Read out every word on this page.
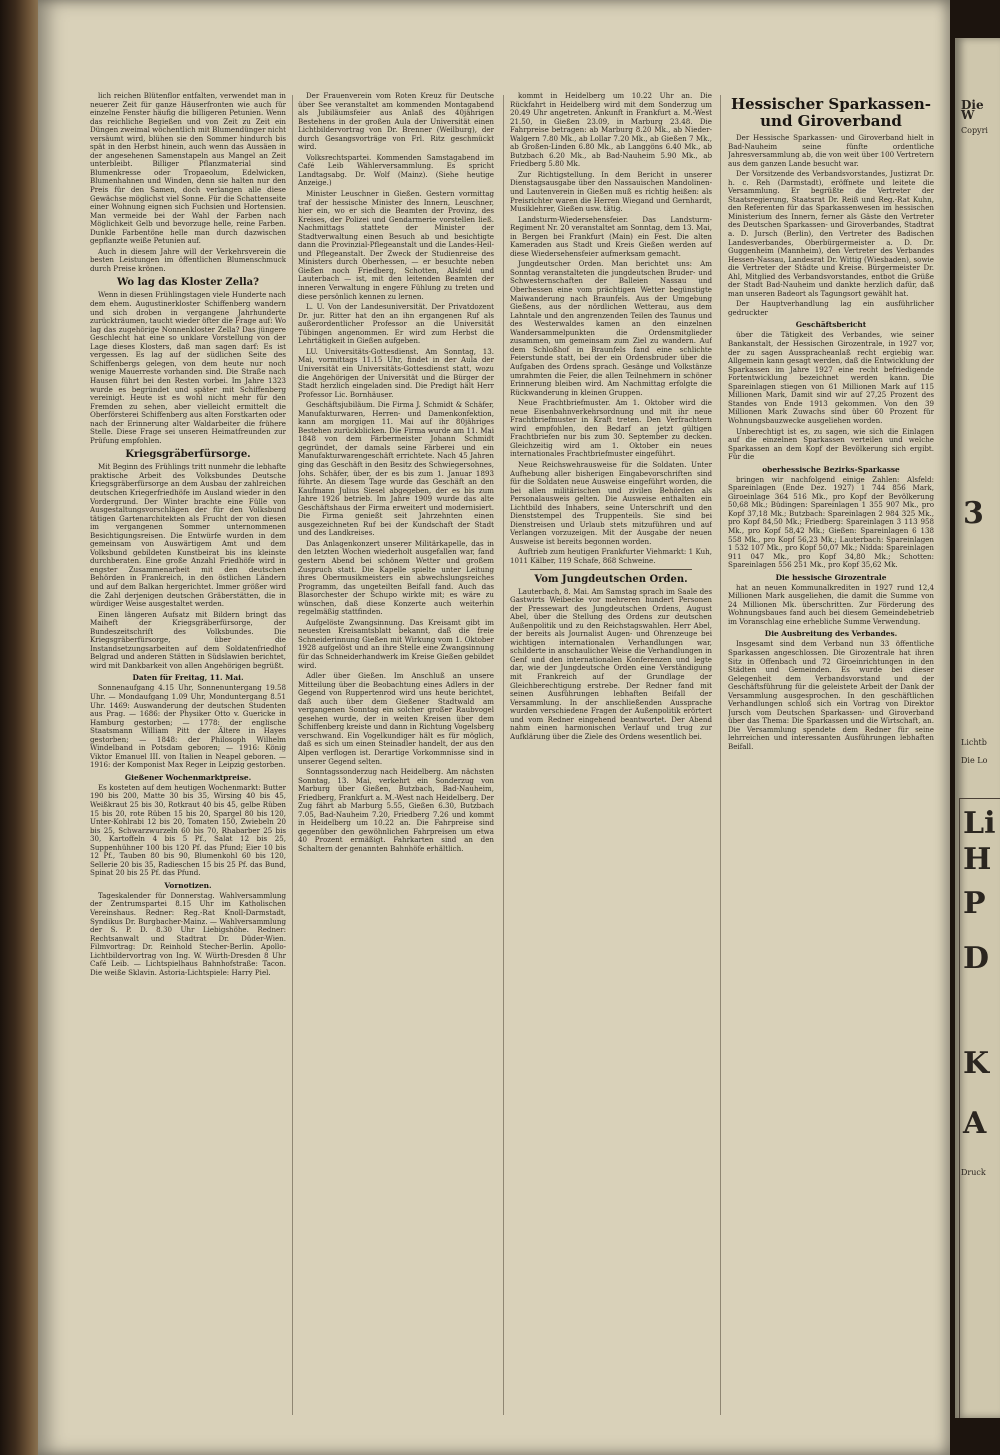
lich reichen Blütenflor entfalten, verwendet man in neuerer Zeit für ganze Häuserfronten wie auch für einzelne Fenster häufig die billigeren Petunien. Wenn das reichliche Begießen und von Zeit zu Zeit ein Düngen zweimal wöchentlich mit Blumendünger nicht versäumt wird, blühen sie den Sommer hindurch bis spät in den Herbst hinein, auch wenn das Aussäen in der angesehenen Samenstapeln aus Mangel an Zeit unterbleibt. Billiger Pflanzmaterial sind Blumenkresse oder Tropaeolum, Edelwicken, Blumenhahnen und Winden, denn sie halten nur den Preis für den Samen, doch verlangen alle diese Gewächse möglichst viel Sonne. Für die Schattenseite einer Wohnung eignen sich Fuchsien und Hortensien. Man vermeide bei der Wahl der Farben nach Möglichkeit Gelb und bevorzuge helle, reine Farben. Dunkle Farbentöne helle man durch dazwischen gepflanzte weiße Petunien auf.

Auch in diesem Jahre will der Verkehrsverein die besten Leistungen im öffentlichen Blumenschmuck durch Preise krönen.

Wo lag das Kloster Zella?

Wenn in diesen Frühlingstagen viele Hunderte nach dem ehem. Augustinerkloster Schiffenberg wandern und sich droben in vergangene Jahrhunderte zurückträumen, taucht wieder öfter die Frage auf: Wo lag das zugehörige Nonnenkloster Zella? Das jüngere Geschlecht hat eine so unklare Vorstellung von der Lage dieses Klosters, daß man sagen darf: Es ist vergessen. Es lag auf der südlichen Seite des Schiffenbergs gelegen, von dem heute nur noch wenige Mauerreste vorhanden sind. Die Straße nach Hausen führt bei den Resten vorbei. Im Jahre 1323 wurde es begründet und später mit Schiffenberg vereinigt. Heute ist es wohl nicht mehr für den Fremden zu sehen, aber vielleicht ermittelt die Oberförsterei Schiffenberg aus alten Forstkarten oder nach der Erinnerung alter Waldarbeiter die frühere Stelle. Diese Frage sei unseren Heimatfreunden zur Prüfung empfohlen.

Kriegsgräberfürsorge.

Mit Beginn des Frühlings tritt nunmehr die lebhafte praktische Arbeit des Volksbundes Deutsche Kriegsgräberfürsorge an dem Ausbau der zahlreichen deutschen Kriegerfriedhöfe im Ausland wieder in den Vordergrund. Der Winter brachte eine Fülle von Ausgestaltungsvorschlägen der für den Volksbund tätigen Gartenarchitekten als Frucht der von diesen im vergangenen Sommer unternommenen Besichtigungsreisen. Die Entwürfe wurden in dem gemeinsam von Auswärtigem Amt und dem Volksbund gebildeten Kunstbeirat bis ins kleinste durchberaten. Eine große Anzahl Friedhöfe wird in engster Zusammenarbeit mit den deutschen Behörden in Frankreich, in den östlichen Ländern und auf dem Balkan hergerichtet. Immer größer wird die Zahl derjenigen deutschen Gräberstätten, die in würdiger Weise ausgestaltet werden.

Einen längeren Aufsatz mit Bildern bringt das Maiheft der Kriegsgräberfürsorge, der Bundeszeitschrift des Volksbundes. Die Kriegsgräberfürsorge, über die Instandsetzungsarbeiten auf dem Soldatenfriedhof Belgrad und anderen Stätten in Südslawien berichtet, wird mit Dankbarkeit von allen Angehörigen begrüßt.

Daten für Freitag, 11. Mai.

Sonnenaufgang 4.15 Uhr, Sonnenuntergang 19.58 Uhr. — Mondaufgang 1.09 Uhr, Monduntergang 8.51 Uhr. 1469: Auswanderung der deutschen Studenten aus Prag. — 1686: der Physiker Otto v. Guericke in Hamburg gestorben; — 1778: der englische Staatsmann William Pitt der Ältere in Hayes gestorben; — 1848: der Philosoph Wilhelm Windelband in Potsdam geboren; — 1916: König Viktor Emanuel III. von Italien in Neapel geboren. — 1916: der Komponist Max Reger in Leipzig gestorben.

Gießener Wochenmarktpreise.

Es kosteten auf dem heutigen Wochenmarkt: Butter 190 bis 200, Matte 30 bis 35, Wirsing 40 bis 45, Weißkraut 25 bis 30, Rotkraut 40 bis 45, gelbe Rüben 15 bis 20, rote Rüben 15 bis 20, Spargel 80 bis 120, Unter-Kohlrabi 12 bis 20, Tomaten 150, Zwiebeln 20 bis 25, Schwarzwurzeln 60 bis 70, Rhabarber 25 bis 30, Kartoffeln 4 bis 5 Pf., Salat 12 bis 25, Suppenhühner 100 bis 120 Pf. das Pfund; Eier 10 bis 12 Pf., Tauben 80 bis 90, Blumenkohl 60 bis 120, Sellerie 20 bis 35, Radieschen 15 bis 25 Pf. das Bund, Spinat 20 bis 25 Pf. das Pfund.

Vornotizen.

Tageskalender für Donnerstag. Wahlversammlung der Zentrumspartei 8.15 Uhr im Katholischen Vereinshaus. Redner: Reg.-Rat Knoll-Darmstadt, Syndikus Dr. Burgbacher-Mainz. — Wahlversammlung der S. P. D. 8.30 Uhr Liebigshöhe. Redner: Rechtsanwalt und Stadtrat Dr. Düder-Wien. Filmvortrag: Dr. Reinhold Stecher-Berlin. Apollo-Lichtbildervortrag von Ing. W. Würth-Dresden 8 Uhr Café Leib. — Lichtspielhaus Bahnhofstraße: Tacon. Die weiße Sklavin. Astoria-Lichtspiele: Harry Piel.

Der Frauenverein vom Roten Kreuz für Deutsche über See veranstaltet am kommenden Montagabend als Jubiläumsfeier aus Anlaß des 40jährigen Bestehens in der großen Aula der Universität einen Lichtbildervortrag von Dr. Brenner (Weilburg), der durch Gesangsvorträge von Frl. Ritz geschmückt wird.

Volksrechtspartei. Kommenden Samstagabend im Café Leib Wählerversammlung. Es spricht Landtagsabg. Dr. Wolf (Mainz). (Siehe heutige Anzeige.)

Minister Leuschner in Gießen. Gestern vormittag traf der hessische Minister des Innern, Leuschner, hier ein, wo er sich die Beamten der Provinz, des Kreises, der Polizei und Gendarmerie vorstellen ließ. Nachmittags stattete der Minister der Stadtverwaltung einen Besuch ab und besichtigte dann die Provinzial-Pflegeanstalt und die Landes-Heil- und Pflegeanstalt. Der Zweck der Studienreise des Ministers durch Oberhessen, — er besuchte neben Gießen noch Friedberg, Schotten, Alsfeld und Lauterbach — ist, mit den leitenden Beamten der inneren Verwaltung in engere Fühlung zu treten und diese persönlich kennen zu lernen.

L. U. Von der Landesuniversität. Der Privatdozent Dr. jur. Ritter hat den an ihn ergangenen Ruf als außerordentlicher Professor an die Universität Tübingen angenommen. Er wird zum Herbst die Lehrtätigkeit in Gießen aufgeben.

LU. Universitäts-Gottesdienst. Am Sonntag, 13. Mai, vormittags 11.15 Uhr, findet in der Aula der Universität ein Universitäts-Gottesdienst statt, wozu die Angehörigen der Universität und die Bürger der Stadt herzlich eingeladen sind. Die Predigt hält Herr Professor Lic. Bornhäuser.

Geschäftsjubiläum. Die Firma J. Schmidt & Schäfer, Manufakturwaren, Herren- und Damenkonfektion, kann am morgigen 11. Mai auf ihr 80jähriges Bestehen zurückblicken. Die Firma wurde am 11. Mai 1848 von dem Färbermeister Johann Schmidt gegründet, der damals seine Färberei und ein Manufakturwarengeschäft errichtete. Nach 45 Jahren ging das Geschäft in den Besitz des Schwiegersohnes, Johs. Schäfer, über, der es bis zum 1. Januar 1893 führte. An diesem Tage wurde das Geschäft an den Kaufmann Julius Siesel abgegeben, der es bis zum Jahre 1926 betrieb. Im Jahre 1909 wurde das alte Geschäftshaus der Firma erweitert und modernisiert. Die Firma genießt seit Jahrzehnten einen ausgezeichneten Ruf bei der Kundschaft der Stadt und des Landkreises.

Das Anlagenkonzert unserer Militärkapelle, das in den letzten Wochen wiederholt ausgefallen war, fand gestern Abend bei schönem Wetter und großem Zuspruch statt. Die Kapelle spielte unter Leitung ihres Obermusikmeisters ein abwechslungsreiches Programm, das ungeteilten Beifall fand. Auch das Blasorchester der Schupo wirkte mit; es wäre zu wünschen, daß diese Konzerte auch weiterhin regelmäßig stattfinden.

Aufgelöste Zwangsinnung. Das Kreisamt gibt im neuesten Kreisamtsblatt bekannt, daß die freie Schneiderinnung Gießen mit Wirkung vom 1. Oktober 1928 aufgelöst und an ihre Stelle eine Zwangsinnung für das Schneiderhandwerk im Kreise Gießen gebildet wird.

Adler über Gießen. Im Anschluß an unsere Mitteilung über die Beobachtung eines Adlers in der Gegend von Ruppertenrod wird uns heute berichtet, daß auch über dem Gießener Stadtwald am vergangenen Sonntag ein solcher großer Raubvogel gesehen wurde, der in weiten Kreisen über dem Schiffenberg kreiste und dann in Richtung Vogelsberg verschwand. Ein Vogelkundiger hält es für möglich, daß es sich um einen Steinadler handelt, der aus den Alpen verflogen ist. Derartige Vorkommnisse sind in unserer Gegend selten.

Sonntagssonderzug nach Heidelberg. Am nächsten Sonntag, 13. Mai, verkehrt ein Sonderzug von Marburg über Gießen, Butzbach, Bad-Nauheim, Friedberg, Frankfurt a. M.-West nach Heidelberg. Der Zug fährt ab Marburg 5.55, Gießen 6.30, Butzbach 7.05, Bad-Nauheim 7.20, Friedberg 7.26 und kommt in Heidelberg um 10.22 an. Die Fahrpreise sind gegenüber den gewöhnlichen Fahrpreisen um etwa 40 Prozent ermäßigt. Fahrkarten sind an den Schaltern der genannten Bahnhöfe erhältlich.

kommt in Heidelberg um 10.22 Uhr an. Die Rückfahrt in Heidelberg wird mit dem Sonderzug um 20.49 Uhr angetreten. Ankunft in Frankfurt a. M.-West 21.50, in Gießen 23.09, in Marburg 23.48. Die Fahrpreise betragen: ab Marburg 8.20 Mk., ab Nieder-Walgern 7.80 Mk., ab Lollar 7.20 Mk., ab Gießen 7 Mk., ab Großen-Linden 6.80 Mk., ab Langgöns 6.40 Mk., ab Butzbach 6.20 Mk., ab Bad-Nauheim 5.90 Mk., ab Friedberg 5.80 Mk.

Zur Richtigstellung. In dem Bericht in unserer Dienstagsausgabe über den Nassauischen Mandolinen- und Lautenverein in Gießen muß es richtig heißen: als Preisrichter waren die Herren Wiegand und Gernhardt, Musiklehrer, Gießen usw. tätig.

Landsturm-Wiedersehensfeier. Das Landsturm-Regiment Nr. 20 veranstaltet am Sonntag, dem 13. Mai, in Bergen bei Frankfurt (Main) ein Fest. Die alten Kameraden aus Stadt und Kreis Gießen werden auf diese Wiedersehensfeier aufmerksam gemacht.

Jungdeutscher Orden. Man berichtet uns: Am Sonntag veranstalteten die jungdeutschen Bruder- und Schwesternschaften der Balleien Nassau und Oberhessen eine vom prächtigen Wetter begünstigte Maiwanderung nach Braunfels. Aus der Umgebung Gießens, aus der nördlichen Wetterau, aus dem Lahntale und den angrenzenden Teilen des Taunus und des Westerwaldes kamen an den einzelnen Wandersammelpunkten die Ordensmitglieder zusammen, um gemeinsam zum Ziel zu wandern. Auf dem Schloßhof in Braunfels fand eine schlichte Feierstunde statt, bei der ein Ordensbruder über die Aufgaben des Ordens sprach. Gesänge und Volkstänze umrahmten die Feier, die allen Teilnehmern in schöner Erinnerung bleiben wird. Am Nachmittag erfolgte die Rückwanderung in kleinen Gruppen.

Neue Frachtbriefmuster. Am 1. Oktober wird die neue Eisenbahnverkehrsordnung und mit ihr neue Frachtbriefmuster in Kraft treten. Den Verfrachtern wird empfohlen, den Bedarf an jetzt gültigen Frachtbriefen nur bis zum 30. September zu decken. Gleichzeitig wird am 1. Oktober ein neues internationales Frachtbriefmuster eingeführt.

Neue Reichswehrausweise für die Soldaten. Unter Aufhebung aller bisherigen Eingabevorschriften sind für die Soldaten neue Ausweise eingeführt worden, die bei allen militärischen und zivilen Behörden als Personalausweis gelten. Die Ausweise enthalten ein Lichtbild des Inhabers, seine Unterschrift und den Dienststempel des Truppenteils. Sie sind bei Dienstreisen und Urlaub stets mitzuführen und auf Verlangen vorzuzeigen. Mit der Ausgabe der neuen Ausweise ist bereits begonnen worden.

Auftrieb zum heutigen Frankfurter Viehmarkt: 1 Kuh, 1011 Kälber, 119 Schafe, 868 Schweine.

Vom Jungdeutschen Orden.

Lauterbach, 8. Mai. Am Samstag sprach im Saale des Gastwirts Weibecke vor mehreren hundert Personen der Pressewart des Jungdeutschen Ordens, August Abel, über die Stellung des Ordens zur deutschen Außenpolitik und zu den Reichstagswahlen. Herr Abel, der bereits als Journalist Augen- und Ohrenzeuge bei wichtigen internationalen Verhandlungen war, schilderte in anschaulicher Weise die Verhandlungen in Genf und den internationalen Konferenzen und legte dar, wie der Jungdeutsche Orden eine Verständigung mit Frankreich auf der Grundlage der Gleichberechtigung erstrebe. Der Redner fand mit seinen Ausführungen lebhaften Beifall der Versammlung. In der anschließenden Aussprache wurden verschiedene Fragen der Außenpolitik erörtert und vom Redner eingehend beantwortet. Der Abend nahm einen harmonischen Verlauf und trug zur Aufklärung über die Ziele des Ordens wesentlich bei.

Hessischer Sparkassen- und Giroverband

Der Hessische Sparkassen- und Giroverband hielt in Bad-Nauheim seine fünfte ordentliche Jahresversammlung ab, die von weit über 100 Vertretern aus dem ganzen Lande besucht war.

Der Vorsitzende des Verbandsvorstandes, Justizrat Dr. h. c. Reh (Darmstadt), eröffnete und leitete die Versammlung. Er begrüßte die Vertreter der Staatsregierung, Staatsrat Dr. Reiß und Reg.-Rat Kuhn, den Referenten für das Sparkassenwesen im hessischen Ministerium des Innern, ferner als Gäste den Vertreter des Deutschen Sparkassen- und Giroverbandes, Stadtrat a. D. Jursch (Berlin), den Vertreter des Badischen Landesverbandes, Oberbürgermeister a. D. Dr. Guggenheim (Mannheim), den Vertreter des Verbandes Hessen-Nassau, Landesrat Dr. Wittig (Wiesbaden), sowie die Vertreter der Städte und Kreise. Bürgermeister Dr. Ahl, Mitglied des Verbandsvorstandes, entbot die Grüße der Stadt Bad-Nauheim und dankte herzlich dafür, daß man unseren Badeort als Tagungsort gewählt hat.

Der Hauptverhandlung lag ein ausführlicher gedruckter

Geschäftsbericht

über die Tätigkeit des Verbandes, wie seiner Bankanstalt, der Hessischen Girozentrale, in 1927 vor, der zu sagen Ausspracheanlaß recht ergiebig war. Allgemein kann gesagt werden, daß die Entwicklung der Sparkassen im Jahre 1927 eine recht befriedigende Fortentwicklung bezeichnet werden kann. Die Spareinlagen stiegen von 61 Millionen Mark auf 115 Millionen Mark, Damit sind wir auf 27,25 Prozent des Standes von Ende 1913 gekommen. Von den 39 Millionen Mark Zuwachs sind über 60 Prozent für Wohnungsbauzwecke ausgeliehen worden.

Unberechtigt ist es, zu sagen, wie sich die Einlagen auf die einzelnen Sparkassen verteilen und welche Sparkassen an dem Kopf der Bevölkerung sich ergibt. Für die

oberhessische Bezirks-Sparkasse

bringen wir nachfolgend einige Zahlen: Alsfeld: Spareinlagen (Ende Dez. 1927) 1 744 856 Mark, Giroeinlage 364 516 Mk., pro Kopf der Bevölkerung 50,68 Mk.; Büdingen: Spareinlagen 1 355 907 Mk., pro Kopf 37,18 Mk.; Butzbach: Spareinlagen 2 984 325 Mk., pro Kopf 84,50 Mk.; Friedberg: Spareinlagen 3 113 958 Mk., pro Kopf 58,42 Mk.; Gießen: Spareinlagen 6 138 558 Mk., pro Kopf 56,23 Mk.; Lauterbach: Spareinlagen 1 532 107 Mk., pro Kopf 50,07 Mk.; Nidda: Spareinlagen 911 047 Mk., pro Kopf 34,80 Mk.; Schotten: Spareinlagen 556 251 Mk., pro Kopf 35,62 Mk.

Die hessische Girozentrale

hat an neuen Kommunalkrediten in 1927 rund 12,4 Millionen Mark ausgeliehen, die damit die Summe von 24 Millionen Mk. überschritten. Zur Förderung des Wohnungsbaues fand auch bei diesem Gemeindebetrieb im Voranschlag eine erhebliche Summe Verwendung.

Die Ausbreitung des Verbandes.

Insgesamt sind dem Verband nun 33 öffentliche Sparkassen angeschlossen. Die Girozentrale hat ihren Sitz in Offenbach und 72 Giroeinrichtungen in den Städten und Gemeinden. Es wurde bei dieser Gelegenheit dem Verbandsvorstand und der Geschäftsführung für die geleistete Arbeit der Dank der Versammlung ausgesprochen. In den geschäftlichen Verhandlungen schloß sich ein Vortrag von Direktor Jursch vom Deutschen Sparkassen- und Giroverband über das Thema: Die Sparkassen und die Wirtschaft, an. Die Versammlung spendete dem Redner für seine lehrreichen und interessanten Ausführungen lebhaften Beifall.

Die W
Copyri
3
Lichtb
Die Lo
Li
H
P
D
K
A
Druck
